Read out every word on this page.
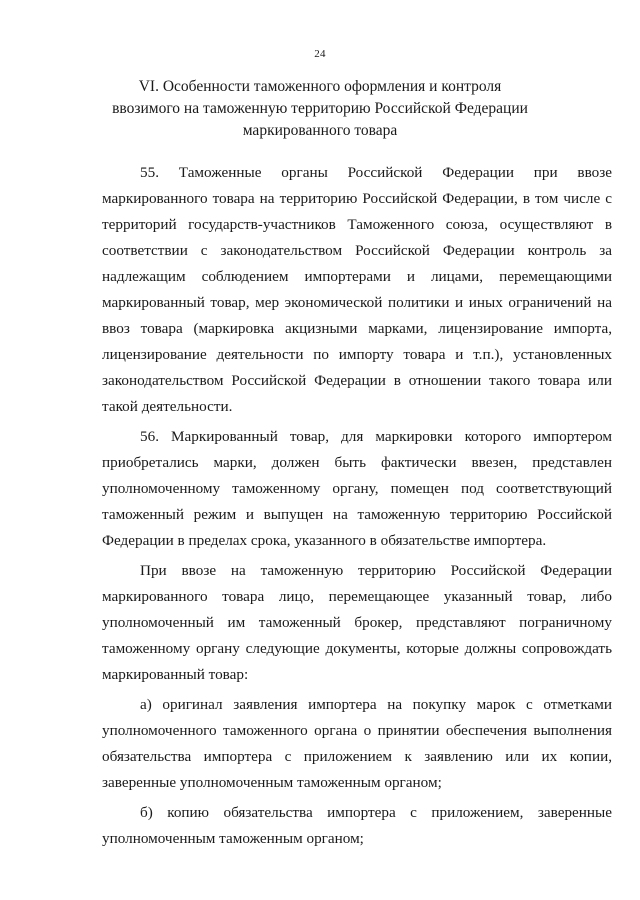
24
VI. Особенности таможенного оформления и контроля
ввозимого на таможенную территорию Российской Федерации
маркированного товара

55. Таможенные органы Российской Федерации при ввозе маркированного товара на территорию Российской Федерации, в том числе с территорий государств-участников Таможенного союза, осуществляют в соответствии с законодательством Российской Федерации контроль за надлежащим соблюдением импортерами и лицами, перемещающими маркированный товар, мер экономической политики и иных ограничений на ввоз товара (маркировка акцизными марками, лицензирование импорта, лицензирование деятельности по импорту товара и т.п.), установленных законодательством Российской Федерации в отношении такого товара или такой деятельности.

56. Маркированный товар, для маркировки которого импортером приобретались марки, должен быть фактически ввезен, представлен уполномоченному таможенному органу, помещен под соответствующий таможенный режим и выпущен на таможенную территорию Российской Федерации в пределах срока, указанного в обязательстве импортера.

При ввозе на таможенную территорию Российской Федерации маркированного товара лицо, перемещающее указанный товар, либо уполномоченный им таможенный брокер, представляют пограничному таможенному органу следующие документы, которые должны сопровождать маркированный товар:

а) оригинал заявления импортера на покупку марок с отметками уполномоченного таможенного органа о принятии обеспечения выполнения обязательства импортера с приложением к заявлению или их копии, заверенные уполномоченным таможенным органом;

б) копию обязательства импортера с приложением, заверенные уполномоченным таможенным органом;
